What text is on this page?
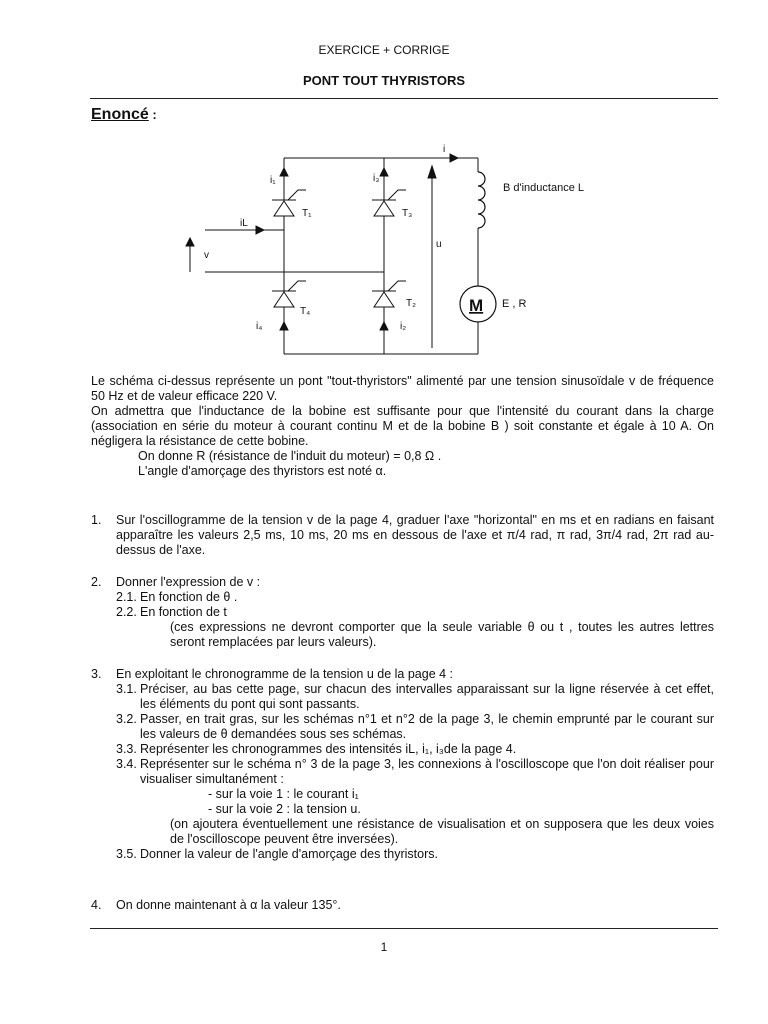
EXERCICE + CORRIGE
PONT TOUT THYRISTORS
Enoncé :
i
i₁	i₃
T₁	T₃
iL
v
u
T₄
T₂
i₄	i₂
B d'inductance L
E , R
M

Le schéma ci-dessus représente un pont "tout-thyristors" alimenté par une tension sinusoïdale v de fréquence 50 Hz et de valeur efficace 220 V.

On admettra que l'inductance de la bobine est suffisante pour que l'intensité du courant dans la charge (association en série du moteur à courant continu M et de la bobine B ) soit constante et égale à 10 A. On négligera la résistance de cette bobine.

On donne R (résistance de l'induit du moteur) = 0,8 Ω .

L'angle d'amorçage des thyristors est noté α.

1. Sur l'oscillogramme de la tension v de la page 4, graduer l'axe "horizontal" en ms et en radians en faisant apparaître les valeurs 2,5 ms, 10 ms, 20 ms en dessous de l'axe et π/4 rad, π rad, 3π/4 rad, 2π rad au-dessus de l'axe.
2. Donner l'expression de v :
2.1. En fonction de θ .
2.2. En fonction de t
(ces expressions ne devront comporter que la seule variable θ ou t , toutes les autres lettres seront remplacées par leurs valeurs).
3. En exploitant le chronogramme de la tension u de la page 4 :
3.1. Préciser, au bas cette page, sur chacun des intervalles apparaissant sur la ligne réservée à cet effet, les éléments du pont qui sont passants.
3.2. Passer, en trait gras, sur les schémas n°1 et n°2 de la page 3, le chemin emprunté par le courant sur les valeurs de θ demandées sous ses schémas.
3.3. Représenter les chronogrammes des intensités iL, i₁, i₃de la page 4.
3.4. Représenter sur le schéma n° 3 de la page 3, les connexions à l'oscilloscope que l'on doit réaliser pour visualiser simultanément :
- sur la voie 1 : le courant i₁
- sur la voie 2 : la tension u.
(on ajoutera éventuellement une résistance de visualisation et on supposera que les deux voies de l'oscilloscope peuvent être inversées).
3.5. Donner la valeur de l'angle d'amorçage des thyristors.
4. On donne maintenant à α la valeur 135°.
1
